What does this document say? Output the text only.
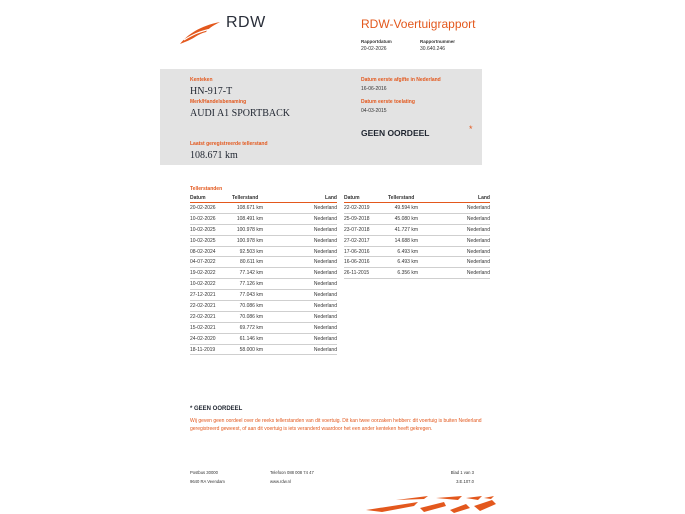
RDW	RDW-Voertuigrapport
Rapportdatum
20-02-2026
Rapportnummer
30.640.246
Kenteken
HN-917-T
Merk/Handelsbenaming
AUDI A1 SPORTBACK
Laatst geregistreerde tellerstand
108.671 km
Datum eerste afgifte in Nederland
16-06-2016
Datum eerste toelating
04-03-2015
GEEN OORDEEL	*
Tellerstanden
Datum	Tellerstand	Land
20-02-2026	108.671 km	Nederland
10-02-2026	108.491 km	Nederland
10-02-2025	100.978 km	Nederland
10-02-2025	100.978 km	Nederland
08-02-2024	92.503 km	Nederland
04-07-2022	80.611 km	Nederland
19-02-2022	77.142 km	Nederland
10-02-2022	77.126 km	Nederland
27-12-2021	77.043 km	Nederland
22-02-2021	70.086 km	Nederland
22-02-2021	70.086 km	Nederland
15-02-2021	69.772 km	Nederland
24-02-2020	61.146 km	Nederland
18-11-2019	58.000 km	Nederland
Datum	Tellerstand	Land
22-02-2019	49.594 km	Nederland
25-09-2018	45.080 km	Nederland
23-07-2018	41.727 km	Nederland
27-02-2017	14.688 km	Nederland
17-06-2016	6.493 km	Nederland
16-06-2016	6.493 km	Nederland
26-11-2015	6.356 km	Nederland
* GEEN OORDEEL
Wij geven geen oordeel over de reeks tellerstanden van dit voertuig. Dit kan twee oorzaken hebben: dit voertuig is buiten Nederland geregistreerd geweest, of aan dit voertuig is iets veranderd waardoor het een ander kenteken heeft gekregen.
Postbus 30000
9640 RA Veendam
Telefoon 088 008 74 47
www.rdw.nl
Blad 1 van 3
3.E.107.0
